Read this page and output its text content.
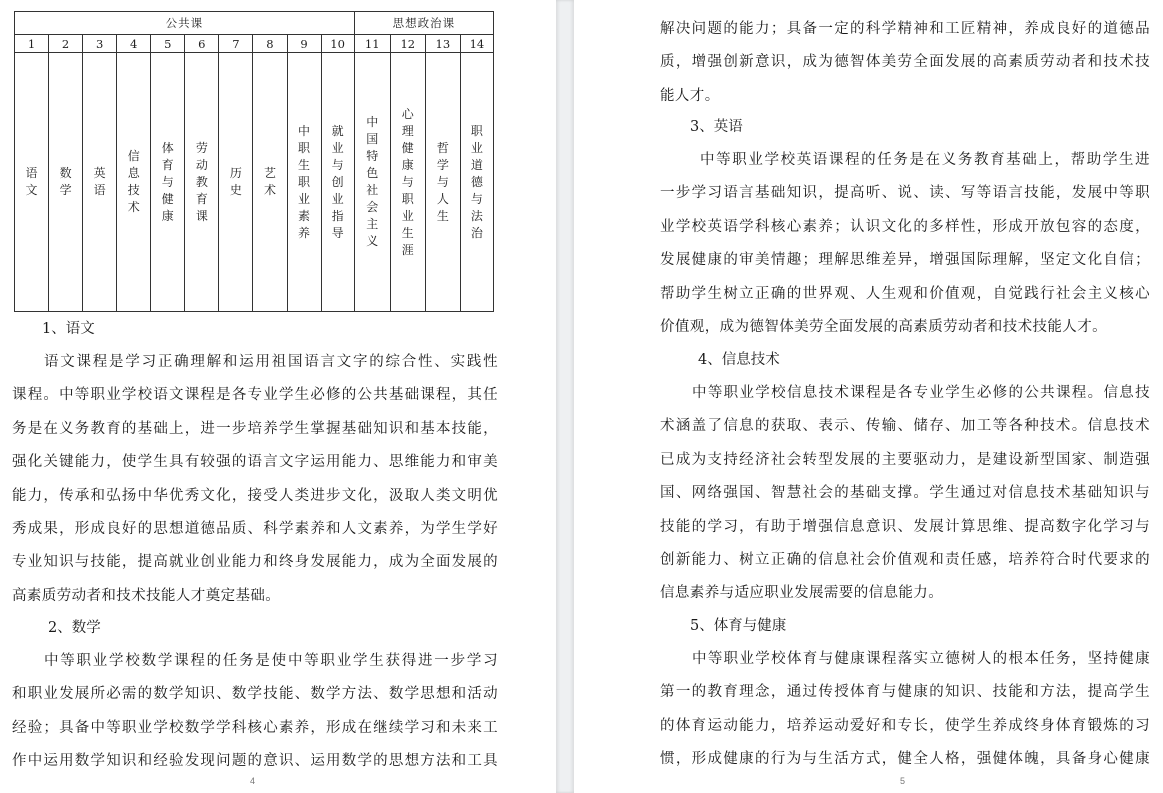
公共课										思想政治课			
1	2	3	4	5	6	7	8	9	10	11	12	13	14
语文	数学	英语	信息技术	体育与健康	劳动教育课	历史	艺术	中职生职业素养	就业与创业指导	中国特色社会主义	心理健康与职业生涯	哲学与人生	职业道德与法治

1、语文

语文课程是学习正确理解和运用祖国语言文字的综合性、实践性
课程。中等职业学校语文课程是各专业学生必修的公共基础课程，其任
务是在义务教育的基础上，进一步培养学生掌握基础知识和基本技能，
强化关键能力，使学生具有较强的语言文字运用能力、思维能力和审美
能力，传承和弘扬中华优秀文化，接受人类进步文化，汲取人类文明优
秀成果，形成良好的思想道德品质、科学素养和人文素养，为学生学好
专业知识与技能，提高就业创业能力和终身发展能力，成为全面发展的
高素质劳动者和技术技能人才奠定基础。

2、数学

中等职业学校数学课程的任务是使中等职业学生获得进一步学习
和职业发展所必需的数学知识、数学技能、数学方法、数学思想和活动
经验；具备中等职业学校数学学科核心素养，形成在继续学习和未来工
作中运用数学知识和经验发现问题的意识、运用数学的思想方法和工具
4
解决问题的能力；具备一定的科学精神和工匠精神，养成良好的道德品
质，增强创新意识，成为德智体美劳全面发展的高素质劳动者和技术技
能人才。

3、英语

中等职业学校英语课程的任务是在义务教育基础上，帮助学生进
一步学习语言基础知识，提高听、说、读、写等语言技能，发展中等职
业学校英语学科核心素养；认识文化的多样性，形成开放包容的态度，
发展健康的审美情趣；理解思维差异，增强国际理解，坚定文化自信；
帮助学生树立正确的世界观、人生观和价值观，自觉践行社会主义核心
价值观，成为德智体美劳全面发展的高素质劳动者和技术技能人才。

4、信息技术

中等职业学校信息技术课程是各专业学生必修的公共课程。信息技
术涵盖了信息的获取、表示、传输、储存、加工等各种技术。信息技术
已成为支持经济社会转型发展的主要驱动力，是建设新型国家、制造强
国、网络强国、智慧社会的基础支撑。学生通过对信息技术基础知识与
技能的学习，有助于增强信息意识、发展计算思维、提高数字化学习与
创新能力、树立正确的信息社会价值观和责任感，培养符合时代要求的
信息素养与适应职业发展需要的信息能力。

5、体育与健康

中等职业学校体育与健康课程落实立德树人的根本任务，坚持健康
第一的教育理念，通过传授体育与健康的知识、技能和方法，提高学生
的体育运动能力，培养运动爱好和专长，使学生养成终身体育锻炼的习
惯，形成健康的行为与生活方式，健全人格，强健体魄，具备身心健康
5
